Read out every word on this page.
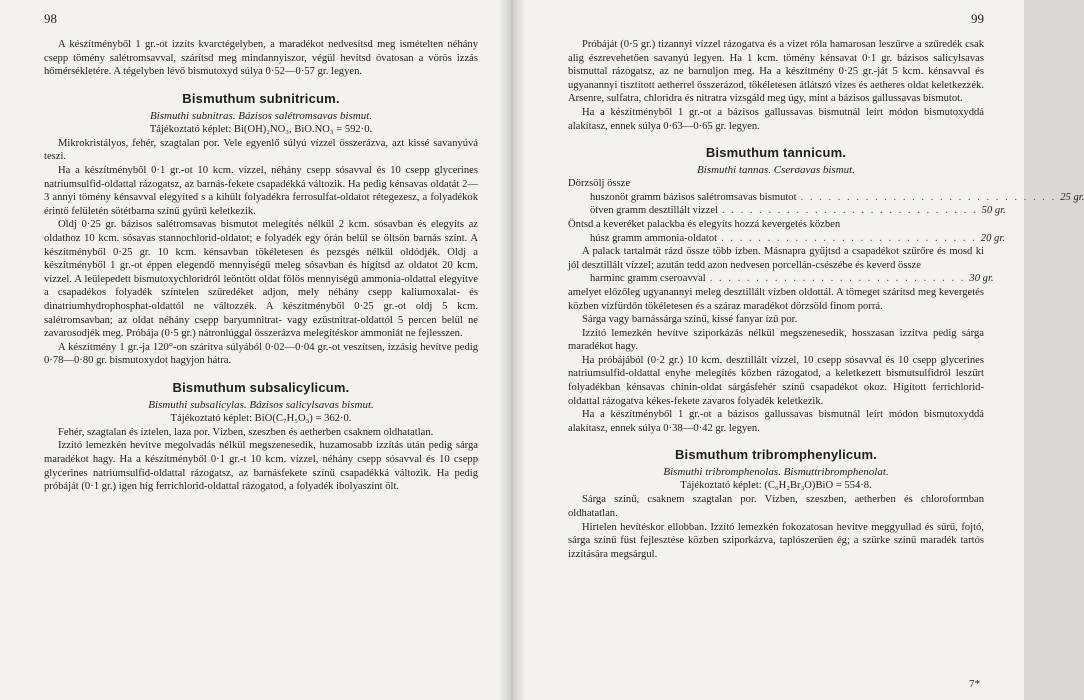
98

A készítményből 1 gr.-ot izzíts kvarctégelyben, a maradékot nedvesítsd meg ismételten néhány csepp tömény salétromsavval, szárítsd meg mindannyiszor, végül hevítsd óvatosan a vörös izzás hőmérsékletére. A tégelyben lévő bismutoxyd súlya 0·52—0·57 gr. legyen.

Bismuthum subnitricum.
Bismuthi subnitras. Bázisos salétromsavas bismut.
Tájékoztató képlet: Bi(OH)₂NO₃, BiO.NO₃ = 592·0.

Mikrokristályos, fehér, szagtalan por. Vele egyenlő súlyú vízzel összerázva, azt kissé savanyúvá teszi.

Ha a készítményből 0·1 gr.-ot 10 kcm. vízzel, néhány csepp sósavval és 10 csepp glycerines natriumsulfid-oldattal rázogatsz, az barnás-fekete csapadékká változik. Ha pedig kénsavas oldatát 2—3 annyi tömény kénsavval elegyíted s a kihűlt folyadékra ferrosulfat-oldatot rétegezesz, a folyadékok érintő felületén sötétbarna színű gyűrű keletkezik.

Oldj 0·25 gr. bázisos salétromsavas bismutot melegítés nélkül 2 kcm. sósavban és elegyíts az oldathoz 10 kcm. sósavas stannochlorid-oldatot; e folyadék egy órán belül se öltsön barnás színt. A készítményből 0·25 gr. 10 kcm. kénsavban tökéletesen és pezsgés nélkül oldódjék. Oldj a készítményből 1 gr.-ot éppen elegendő mennyiségű meleg sósavban és hígítsd az oldatot 20 kcm. vízzel. A leülepedett bismutoxychloridról leöntött oldat fölös mennyiségű ammonia-oldattal elegyítve a csapadékos folyadék színtelen szűredéket adjon, mely néhány csepp kaliumoxalat- és dinatriumhydrophosphat-oldattól ne változzék. A készítményből 0·25 gr.-ot oldj 5 kcm. salétromsavban; az oldat néhány csepp baryumnitrat- vagy ezüstnitrat-oldattól 5 percen belül ne zavarosodjék meg. Próbája (0·5 gr.) nátronlúggal összerázva melegítéskor ammoniát ne fejlesszen.

A készítmény 1 gr.-ja 120°-on szárítva súlyából 0·02—0·04 gr.-ot veszítsen, izzásig hevítve pedig 0·78—0·80 gr. bismutoxydot hagyjon hátra.

Bismuthum subsalicylicum.
Bismuthi subsalicylas. Bázisos salicylsavas bismut.
Tájékoztató képlet: BiO(C₇H₅O₃) = 362·0.

Fehér, szagtalan és íztelen, laza por. Vízben, szeszben és aetherben csaknem oldhatatlan.

Izzító lemezkén hevítve megolvadás nélkül megszenesedik, huzamosabb izzítás után pedig sárga maradékot hagy. Ha a készítményből 0·1 gr.-t 10 kcm. vízzel, néhány csepp sósavval és 10 csepp glycerines natriumsulfid-oldattal rázogatsz, az barnásfekete színű csapadékká változik. Ha pedig próbáját (0·1 gr.) igen híg ferrichlorid-oldattal rázogatod, a folyadék ibolyaszínt ölt.

99

Próbáját (0·5 gr.) tizannyi vízzel rázogatva és a vizet róla hamarosan leszűrve a szűredék csak alig észrevehetően savanyú legyen. Ha 1 kcm. tömény kénsavat 0·1 gr. bázisos salicylsavas bismuttal rázogatsz, az ne barnuljon meg. Ha a készítmény 0·25 gr.-ját 5 kcm. kénsavval és ugyanannyi tisztított aetherrel összerázod, tökéletesen átlátszó vizes és aetheres oldat keletkezzék. Arsenre, sulfatra, chloridra és nitratra vizsgáld meg úgy, mint a bázisos gallussavas bismutot.

Ha a készítményből 1 gr.-ot a bázisos gallussavas bismutnál leírt módon bismutoxyddá alakítasz, ennek súlya 0·63—0·65 gr. legyen.

Bismuthum tannicum.
Bismuthi tannas. Cserσavas bismut.

Dörzsölj össze

huszonöt gramm bázisos salétromsavas bismutot . . . . . . . . . . . . . . . . . . . . . . . . . . . . 25 gr.
ötven gramm desztillált vizzel . . . . . . . . . . . . . . . . . . . . . . . . . . . . 50 gr.

Öntsd a keveréket palackba és elegyíts hozzá kevergetés közben

húsz gramm ammonia-oldatot . . . . . . . . . . . . . . . . . . . . . . . . . . . . 20 gr.

A palack tartalmát rázd össze több ízben. Másnapra gyűjtsd a csapadékot szűrőre és mosd ki jól desztillált vízzel; azután tedd azon nedvesen porcellán-csészébe és keverd össze

harminc gramm cserσavval . . . . . . . . . . . . . . . . . . . . . . . . . . . . 30 gr.

amelyet előzőleg ugyanannyi meleg desztillált vízben oldottál. A tömeget szárítsd meg kevergetés közben vízfürdőn tökéletesen és a száraz maradékot dörzsöld finom porrá.

Sárga vagy barnássárga színű, kissé fanyar ízű por.

Izzító lemezkén hevítve sziporkázás nélkül megszenesedik, hosszasan izzítva pedig sárga maradékot hagy.

Ha próbájából (0·2 gr.) 10 kcm. desztillált vízzel, 10 csepp sósavval és 10 csepp glycerines natriumsulfid-oldattal enyhe melegítés közben rázogatod, a keletkezett bismutsulfidról leszűrt folyadékban kénsavas chinin-oldat sárgásfehér színű csapadékot okoz. Hígított ferrichlorid-oldattal rázogatva kékes-fekete zavaros folyadék keletkezik.

Ha a készítményből 1 gr.-ot a bázisos gallussavas bismutnál leírt módon bismutoxyddá alakítasz, ennek súlya 0·38—0·42 gr. legyen.

Bismuthum tribromphenylicum.
Bismuthi tribromphenolas. Bismuttribromphenolat.
Tájékoztató képlet: (C₆H₂Br₃O)BiO = 554·8.

Sárga színű, csaknem szagtalan por. Vízben, szeszben, aetherben és chloroformban oldhatatlan.

Hirtelen hevítéskor ellobban. Izzító lemezkén fokozatosan hevítve meggyullad és sűrű, fojtó, sárga színű füst fejlesztése közben sziporkázva, taplószerűen ég; a szürke színű maradék tartós izzítására megsárgul.

7*
